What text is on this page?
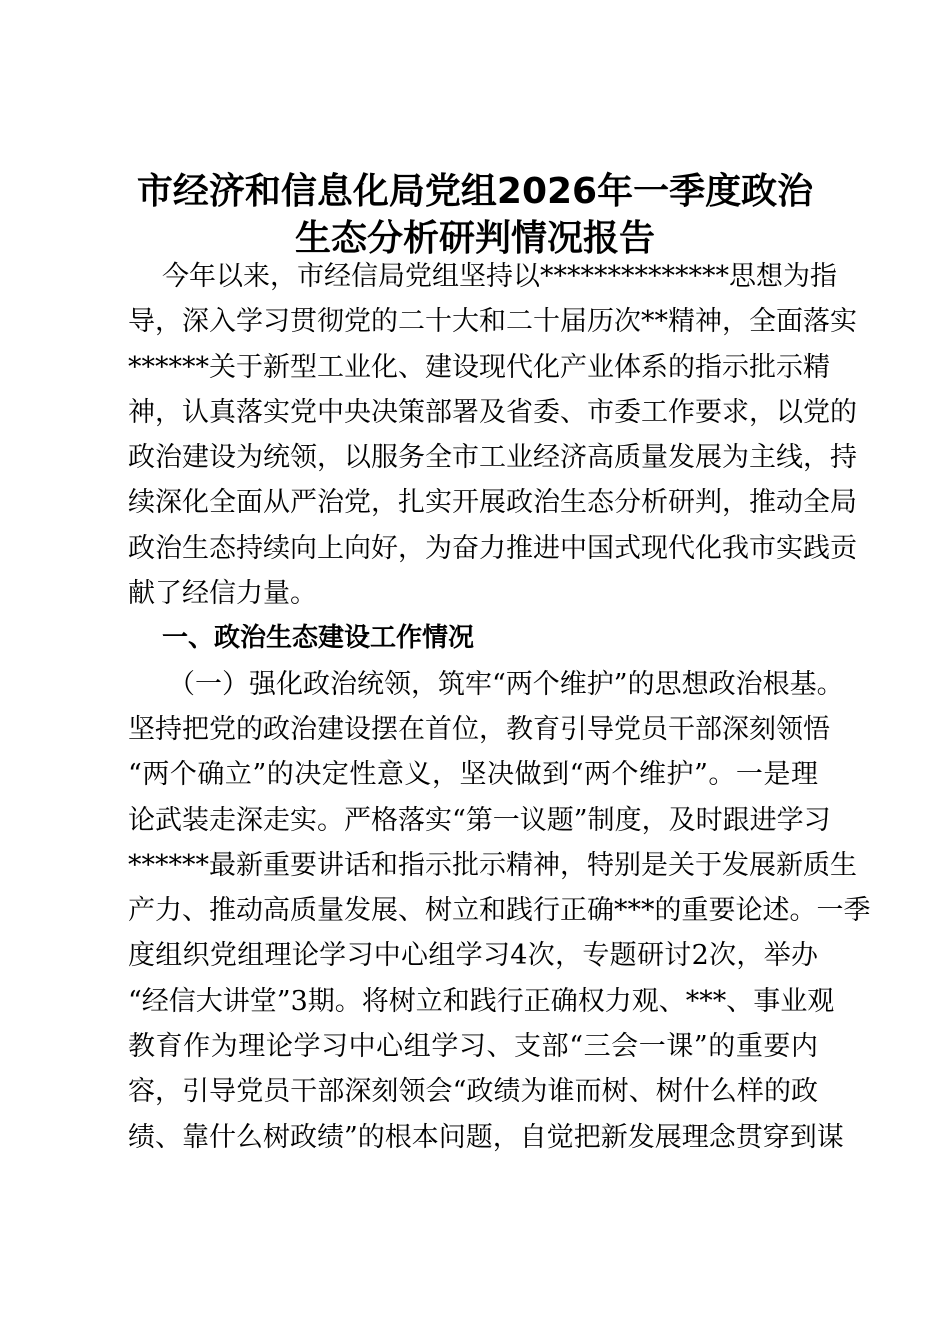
市经济和信息化局党组2026年一季度政治
生态分析研判情况报告

今年以来，市经信局党组坚持以**************思想为指
导，深入学习贯彻党的二十大和二十届历次**精神，全面落实
******关于新型工业化、建设现代化产业体系的指示批示精
神，认真落实党中央决策部署及省委、市委工作要求，以党的
政治建设为统领，以服务全市工业经济高质量发展为主线，持
续深化全面从严治党，扎实开展政治生态分析研判，推动全局
政治生态持续向上向好，为奋力推进中国式现代化我市实践贡
献了经信力量。

一、政治生态建设工作情况

（一）强化政治统领，筑牢“两个维护”的思想政治根基。
坚持把党的政治建设摆在首位，教育引导党员干部深刻领悟
“两个确立”的决定性意义，坚决做到“两个维护”。一是理
论武装走深走实。严格落实“第一议题”制度，及时跟进学习
******最新重要讲话和指示批示精神，特别是关于发展新质生
产力、推动高质量发展、树立和践行正确***的重要论述。一季
度组织党组理论学习中心组学习4次，专题研讨2次，举办
“经信大讲堂”3期。将树立和践行正确权力观、***、事业观
教育作为理论学习中心组学习、支部“三会一课”的重要内
容，引导党员干部深刻领会“政绩为谁而树、树什么样的政
绩、靠什么树政绩”的根本问题，自觉把新发展理念贯穿到谋
